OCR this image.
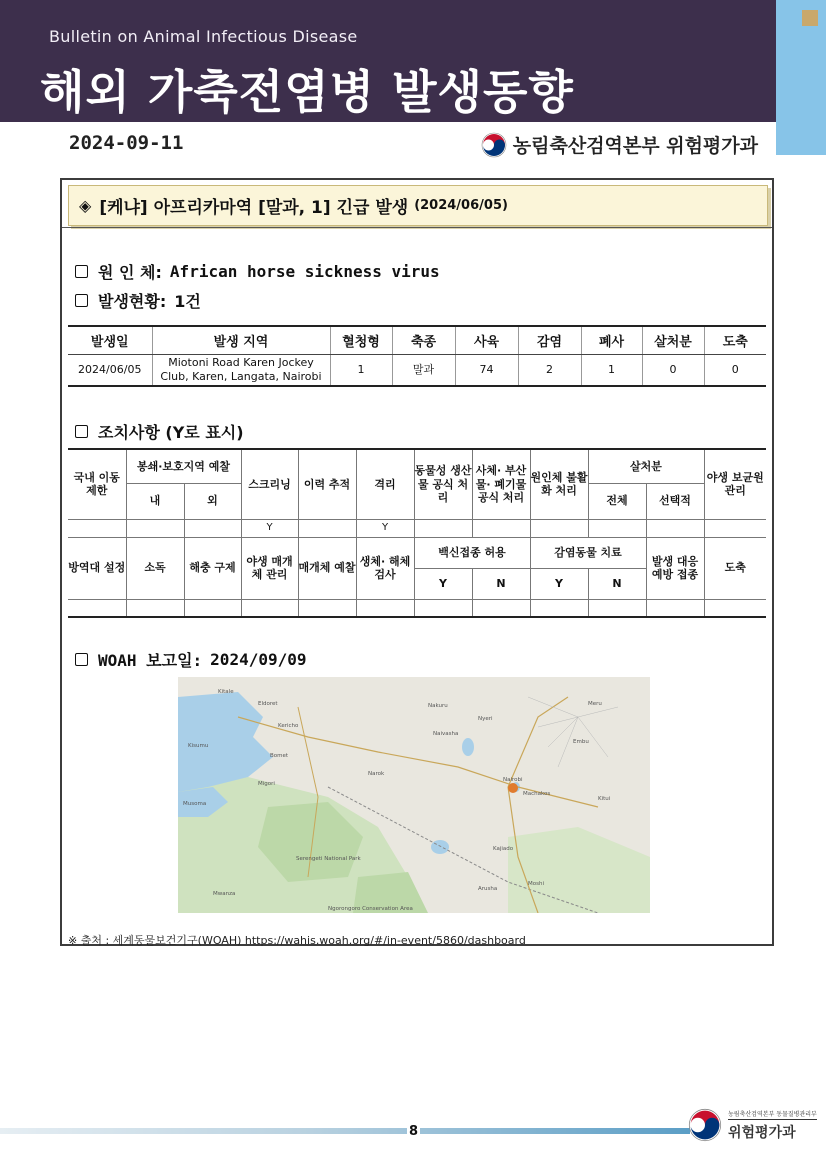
Bulletin on Animal Infectious Disease
해외 가축전염병 발생동향
2024-09-11	농림축산검역본부 위험평가과
◈ [케냐] 아프리카마역 [말과, 1] 긴급 발생 (2024/06/05)
원 인 체: African horse sickness virus
발생현황: 1건
발생일	발생 지역	혈청형	축종	사육	감염	폐사	살처분	도축
2024/06/05	Miotoni Road Karen Jockey Club, Karen, Langata, Nairobi	1	말과	74	2	1	0	0
조치사항 (Y로 표시)
국내 이동 제한	봉쇄·보호지역 예찰		스크리닝	이력 추적	격리	동물성 생산물 공식 처리	사체· 부산물· 폐기물 공식 처리	원인체 불활화 처리	살처분		야생 보균원 관리
	내	외							전체	선택적	
			Y		Y						
방역대 설정	소독	해충 구제	야생 매개체 관리	매개체 예찰	생체· 해체 검사	백신접종 허용		감염동물 치료		발생 대응 예방 접종	도축
						Y	N	Y	N		

WOAH 보고일: 2024/09/09
Kitale
Eldoret
Kisumu
Kericho
Bomet
Nakuru
Naivasha
Nairobi
Machakos
Nyeri
Meru
Embu
Kitui
Narok
Kajiado
Arusha
Moshi
Migori
Musoma
Serengeti National Park
Ngorongoro Conservation Area
Mwanza
※ 출처 : 세계동물보건기구(WOAH) https://wahis.woah.org/#/in-event/5860/dashboard
8
농림축산검역본부 동물질병관리부
위험평가과
